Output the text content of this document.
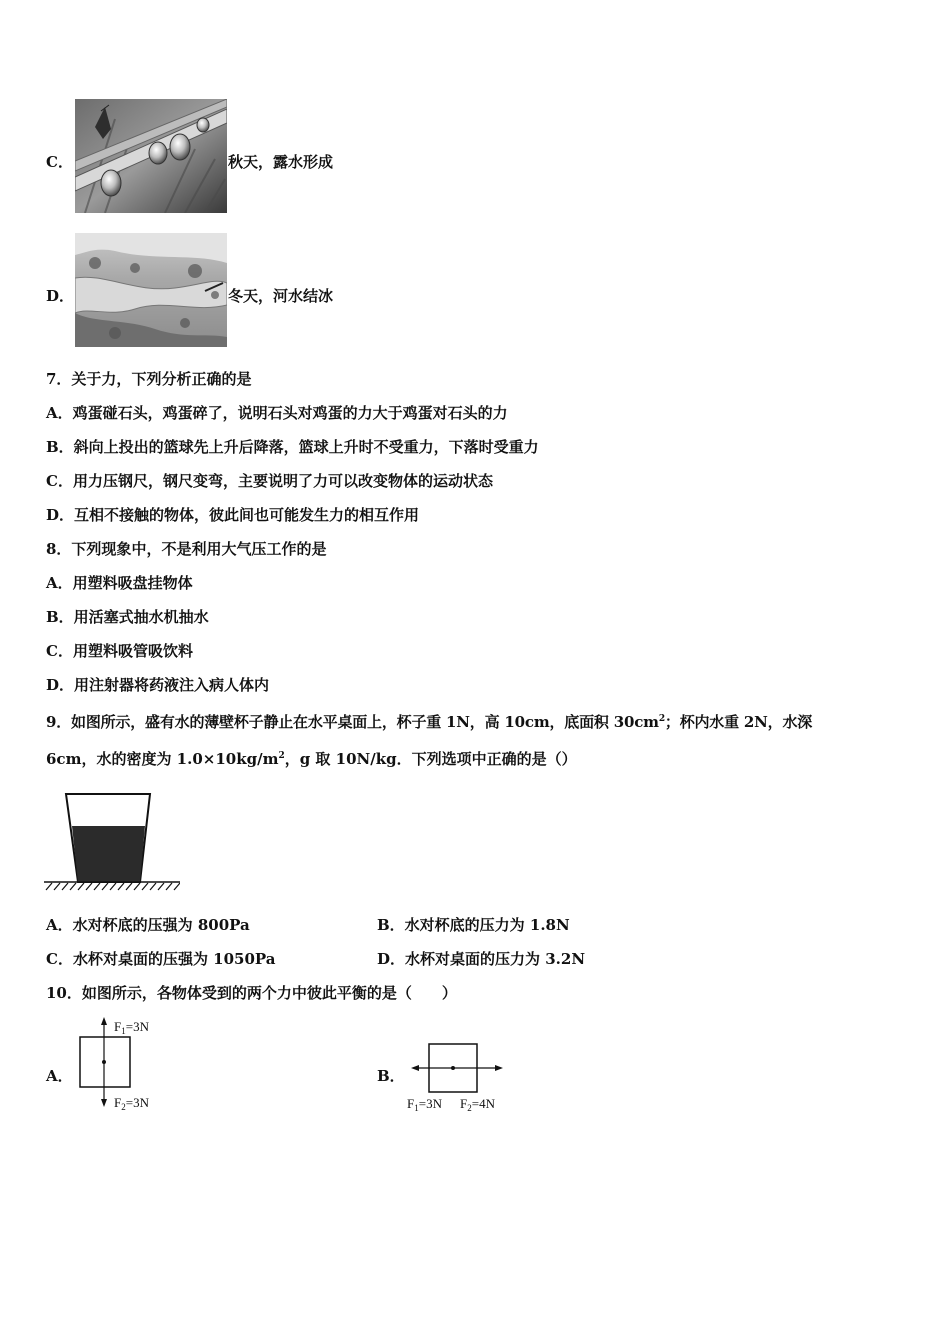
C．	秋天，露水形成
D．	冬天，河水结冰
7．关于力，下列分析正确的是
A．鸡蛋碰石头，鸡蛋碎了，说明石头对鸡蛋的力大于鸡蛋对石头的力
B．斜向上投出的篮球先上升后降落，篮球上升时不受重力，下落时受重力
C．用力压钢尺，钢尺变弯，主要说明了力可以改变物体的运动状态
D．互相不接触的物体，彼此间也可能发生力的相互作用
8．下列现象中，不是利用大气压工作的是
A．用塑料吸盘挂物体
B．用活塞式抽水机抽水
C．用塑料吸管吸饮料
D．用注射器将药液注入病人体内
9．如图所示，盛有水的薄壁杯子静止在水平桌面上，杯子重 1N，高 10cm，底面积 $30cm^2$；杯内水重 2N，水深
6cm，水的密度为 $1.0\times 10kg/m^2$，g 取 10N/kg．下列选项中正确的是（）
A．水对杯底的压强为 800Pa	B．水对杯底的压力为 1.8N
C．水杯对桌面的压强为 1050Pa	D．水杯对桌面的压力为 3.2N
10．如图所示，各物体受到的两个力中彼此平衡的是（　　）
A．
$F_1=3N$
$F_2=3N$
B．
$F_1=3N$ $F_2=4N$
